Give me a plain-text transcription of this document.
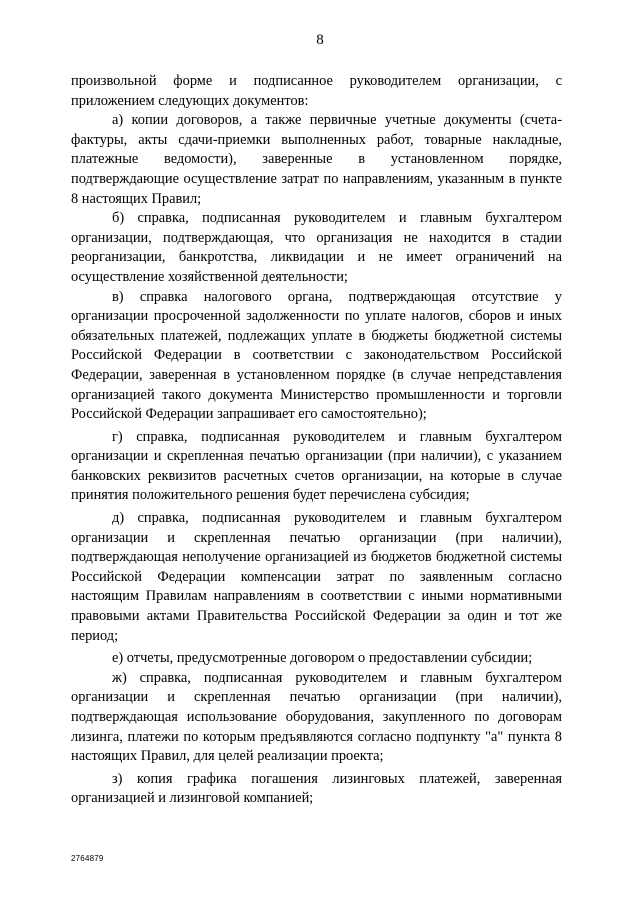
8

произвольной форме и подписанное руководителем организации, с приложением следующих документов:

а) копии договоров, а также первичные учетные документы (счета-фактуры, акты сдачи-приемки выполненных работ, товарные накладные, платежные ведомости), заверенные в установленном порядке, подтверждающие осуществление затрат по направлениям, указанным в пункте 8 настоящих Правил;

б) справка, подписанная руководителем и главным бухгалтером организации, подтверждающая, что организация не находится в стадии реорганизации, банкротства, ликвидации и не имеет ограничений на осуществление хозяйственной деятельности;

в) справка налогового органа, подтверждающая отсутствие у организации просроченной задолженности по уплате налогов, сборов и иных обязательных платежей, подлежащих уплате в бюджеты бюджетной системы Российской Федерации в соответствии с законодательством Российской Федерации, заверенная в установленном порядке (в случае непредставления организацией такого документа Министерство промышленности и торговли Российской Федерации запрашивает его самостоятельно);

г) справка, подписанная руководителем и главным бухгалтером организации и скрепленная печатью организации (при наличии), с указанием банковских реквизитов расчетных счетов организации, на которые в случае принятия положительного решения будет перечислена субсидия;

д) справка, подписанная руководителем и главным бухгалтером организации и скрепленная печатью организации (при наличии), подтверждающая неполучение организацией из бюджетов бюджетной системы Российской Федерации компенсации затрат по заявленным согласно настоящим Правилам направлениям в соответствии с иными нормативными правовыми актами Правительства Российской Федерации за один и тот же период;

е) отчеты, предусмотренные договором о предоставлении субсидии;

ж) справка, подписанная руководителем и главным бухгалтером организации и скрепленная печатью организации (при наличии), подтверждающая использование оборудования, закупленного по договорам лизинга, платежи по которым предъявляются согласно подпункту "а" пункта 8 настоящих Правил, для целей реализации проекта;

з) копия графика погашения лизинговых платежей, заверенная организацией и лизинговой компанией;

2764879
